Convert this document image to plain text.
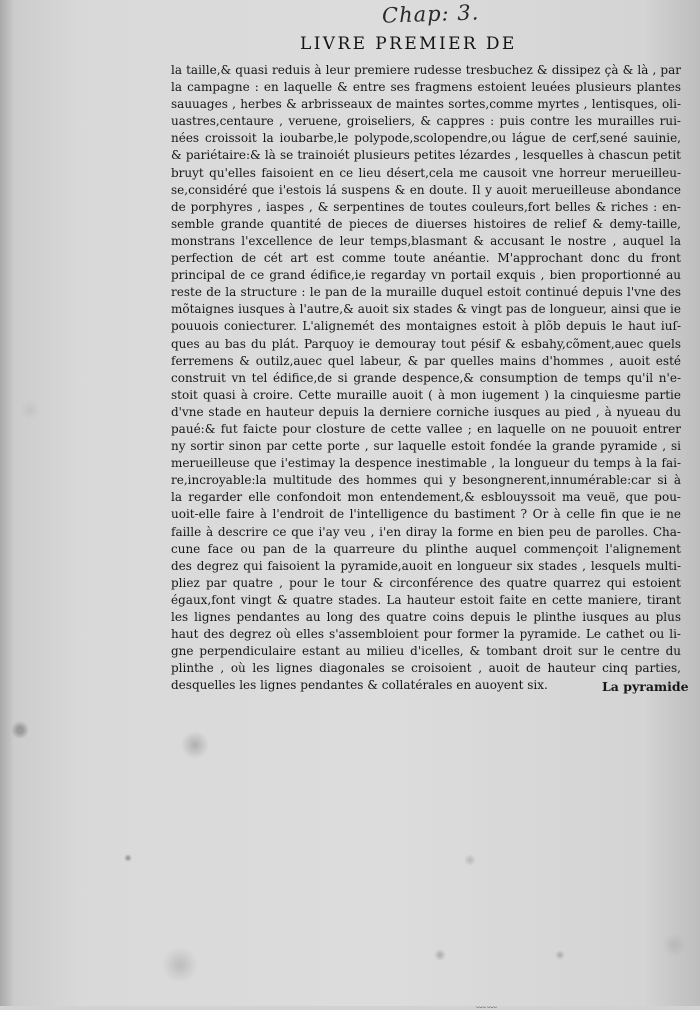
Chap: 3.
LIVRE PREMIER DE
la taille,& quasi reduis à leur premiere rudesse tresbuchez & dissipez çà & là , par
la campagne : en laquelle & entre ses fragmens estoient leuées plusieurs plantes
sauuages , herbes & arbrisseaux de maintes sortes,comme myrtes , lentisques, oli-
uastres,centaure , veruene, groiseliers, & cappres : puis contre les murailles rui-
nées croissoit la ioubarbe,le polypode,scolopendre,ou lágue de cerf,sené sauinie,
& pariétaire:& là se trainoiét plusieurs petites lézardes , lesquelles à chascun petit
bruyt qu'elles faisoient en ce lieu désert,cela me causoit vne horreur merueilleu-
se,considéré que i'estois lá suspens & en doute. Il y auoit merueilleuse abondance
de porphyres , iaspes , & serpentines de toutes couleurs,fort belles & riches : en-
semble grande quantité de pieces de diuerses histoires de relief & demy-taille,
monstrans l'excellence de leur temps,blasmant & accusant le nostre , auquel la
perfection de cét art est comme toute anéantie. M'approchant donc du front
principal de ce grand édifice,ie regarday vn portail exquis , bien proportionné au
reste de la structure : le pan de la muraille duquel estoit continué depuis l'vne des
mõtaignes iusques à l'autre,& auoit six stades & vingt pas de longueur, ainsi que ie
pouuois coniecturer. L'alignemét des montaignes estoit à plõb depuis le haut iuſ-
ques au bas du plát. Parquoy ie demouray tout pésif & esbahy,cõment,auec quels
ferremens & outilz,auec quel labeur, & par quelles mains d'hommes , auoit esté
construit vn tel édifice,de si grande despence,& consumption de temps qu'il n'e-
stoit quasi à croire. Cette muraille auoit ( à mon iugement ) la cinquiesme partie
d'vne stade en hauteur depuis la derniere corniche iusques au pied , à nyueau du
paué:& fut faicte pour closture de cette vallee ; en laquelle on ne pouuoit entrer
ny sortir sinon par cette porte , sur laquelle estoit fondée la grande pyramide , si
merueilleuse que i'estimay la despence inestimable , la longueur du temps à la fai-
re,incroyable:la multitude des hommes qui y besongnerent,innumérable:car si à
la regarder elle confondoit mon entendement,& esblouyssoit ma veuë, que pou-
uoit-elle faire à l'endroit de l'intelligence du bastiment ? Or à celle fin que ie ne
faille à descrire ce que i'ay veu , i'en diray la forme en bien peu de parolles. Cha-
cune face ou pan de la quarreure du plinthe auquel commençoit l'alignement
des degrez qui faisoient la pyramide,auoit en longueur six stades , lesquels multi-
pliez par quatre , pour le tour & circonférence des quatre quarrez qui estoient
égaux,font vingt & quatre stades. La hauteur estoit faite en cette maniere, tirant
les lignes pendantes au long des quatre coins depuis le plinthe iusques au plus
haut des degrez où elles s'assembloient pour former la pyramide. Le cathet ou li-
gne perpendiculaire estant au milieu d'icelles, & tombant droit sur le centre du
plinthe , où les lignes diagonales se croisoient , auoit de hauteur cinq parties,
desquelles les lignes pendantes & collatérales en auoyent six.	La pyramide
﹏﹏
